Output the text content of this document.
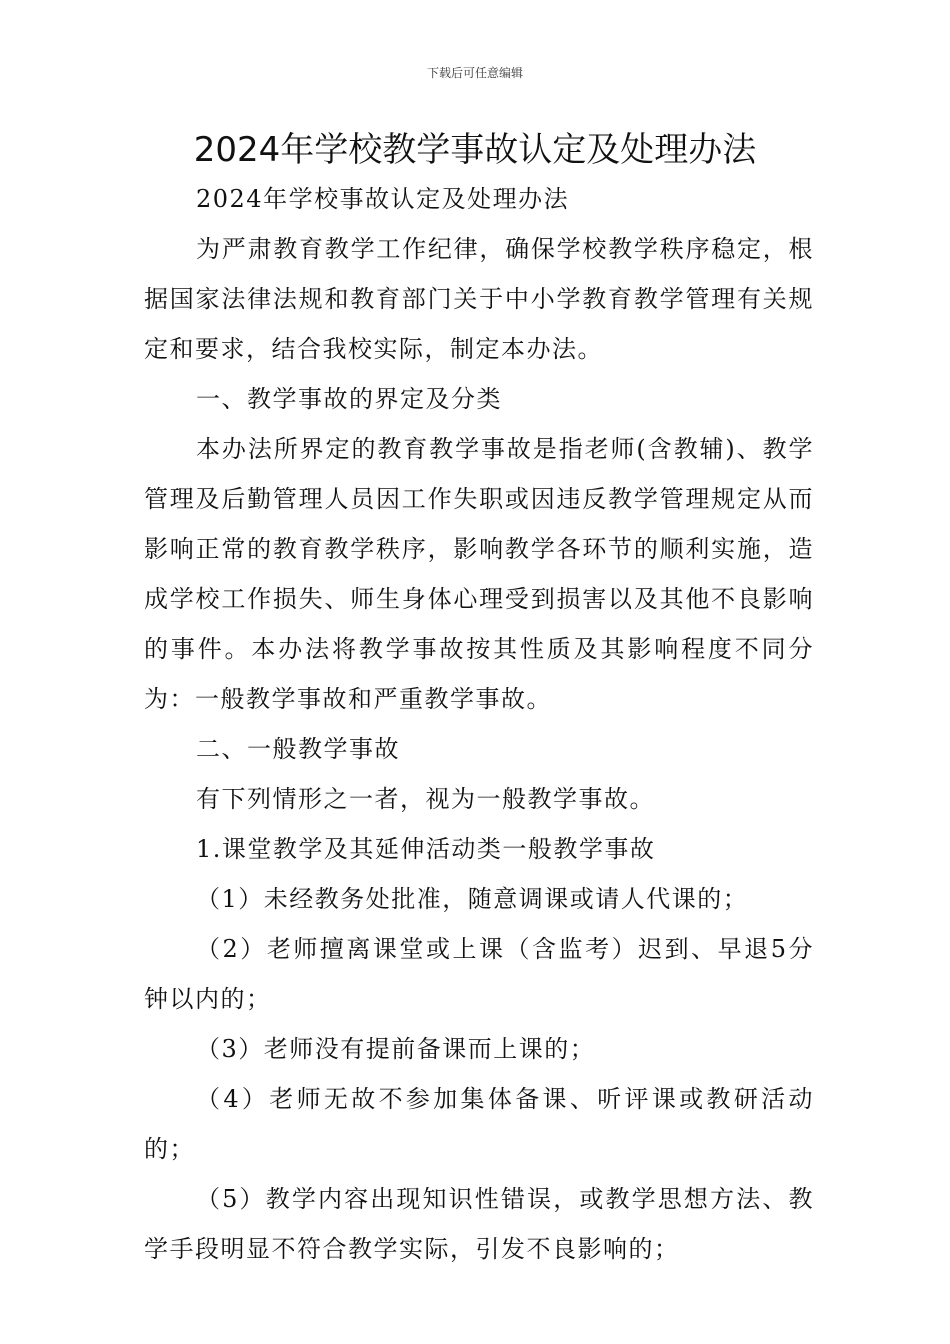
下载后可任意编辑
2024年学校教学事故认定及处理办法

2024年学校事故认定及处理办法

为严肃教育教学工作纪律，确保学校教学秩序稳定，根据国家法律法规和教育部门关于中小学教育教学管理有关规定和要求，结合我校实际，制定本办法。

一、教学事故的界定及分类

本办法所界定的教育教学事故是指老师(含教辅)、教学管理及后勤管理人员因工作失职或因违反教学管理规定从而影响正常的教育教学秩序，影响教学各环节的顺利实施，造成学校工作损失、师生身体心理受到损害以及其他不良影响的事件。本办法将教学事故按其性质及其影响程度不同分为：一般教学事故和严重教学事故。

二、一般教学事故

有下列情形之一者，视为一般教学事故。

1.课堂教学及其延伸活动类一般教学事故

（1）未经教务处批准，随意调课或请人代课的；

（2）老师擅离课堂或上课（含监考）迟到、早退5分钟以内的；

（3）老师没有提前备课而上课的；

（4）老师无故不参加集体备课、听评课或教研活动的；

（5）教学内容出现知识性错误，或教学思想方法、教学手段明显不符合教学实际，引发不良影响的；
